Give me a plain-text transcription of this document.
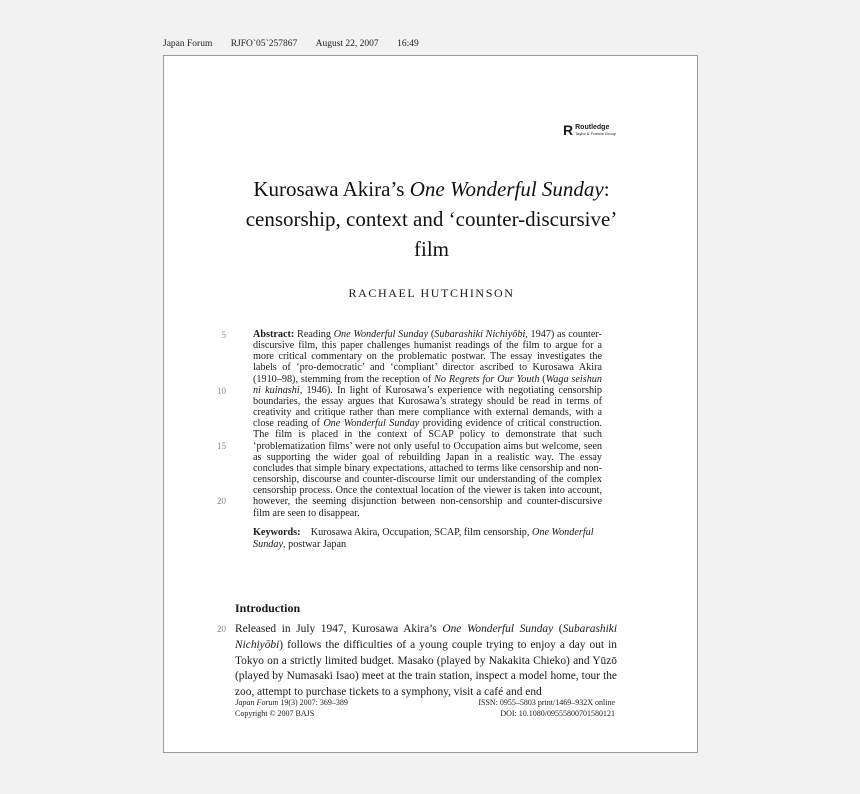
Japan Forum RJFO`05`257867 August 22, 2007 16:49
R Routledge
Taylor & Francis Group
Kurosawa Akira’s One Wonderful Sunday: censorship, context and ‘counter-discursive’ film
RACHAEL HUTCHINSON
5
10
15
20
Abstract: Reading One Wonderful Sunday (Subarashiki Nichiyōbi, 1947) as counter-discursive film, this paper challenges humanist readings of the film to argue for a more critical commentary on the problematic postwar. The essay investigates the labels of ‘pro-democratic’ and ‘compliant’ director ascribed to Kurosawa Akira (1910–98), stemming from the reception of No Regrets for Our Youth (Waga seishun ni kuinashi, 1946). In light of Kurosawa’s experience with negotiating censorship boundaries, the essay argues that Kurosawa’s strategy should be read in terms of creativity and critique rather than mere compliance with external demands, with a close reading of One Wonderful Sunday providing evidence of critical construction. The film is placed in the context of SCAP policy to demonstrate that such ‘problematization films’ were not only useful to Occupation aims but welcome, seen as supporting the wider goal of rebuilding Japan in a realistic way. The essay concludes that simple binary expectations, attached to terms like censorship and non-censorship, discourse and counter-discourse limit our understanding of the complex censorship process. Once the contextual location of the viewer is taken into account, however, the seeming disjunction between non-censorship and counter-discursive film are seen to disappear.
Keywords: Kurosawa Akira, Occupation, SCAP, film censorship, One Wonderful Sunday, postwar Japan
Introduction
20 Released in July 1947, Kurosawa Akira’s One Wonderful Sunday (Subarashiki Nichiyōbi) follows the difficulties of a young couple trying to enjoy a day out in Tokyo on a strictly limited budget. Masako (played by Nakakita Chieko) and Yūzō (played by Numasaki Isao) meet at the train station, inspect a model home, tour the zoo, attempt to purchase tickets to a symphony, visit a café and end
Japan Forum 19(3) 2007: 369–389
Copyright © 2007 BAJS
ISSN: 0955–5803 print/1469–932X online
DOI: 10.1080/09555800701580121
